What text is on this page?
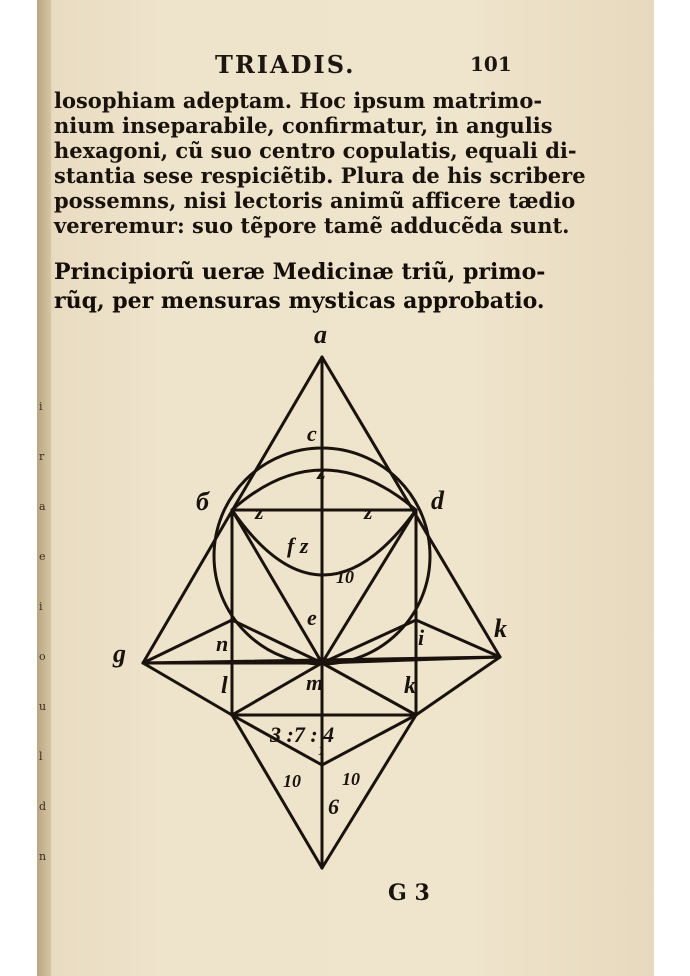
i
r
a
e
i
o
u
l
d
n

TRIADIS.	101
losophiam adeptam. Hoc ipsum matrimo-
nium inseparabile, confirmatur, in angulis
hexagoni, cũ suo centro copulatis, equali di-
stantia sese respiciẽtib. Plura de his scribere
possemns, nisi lectoris animũ afficere tædio
vereremur: suo tẽpore tamẽ adducẽda sunt.
Principiorũ ueræ Medicinæ triũ, primo-
rũq, per mensuras mysticas approbatio.
a
б	d
c
z
z	z
f z
10
e
g	n	i	k
l	m	k
3 :7 : 4
1
10 10
6
G 3
